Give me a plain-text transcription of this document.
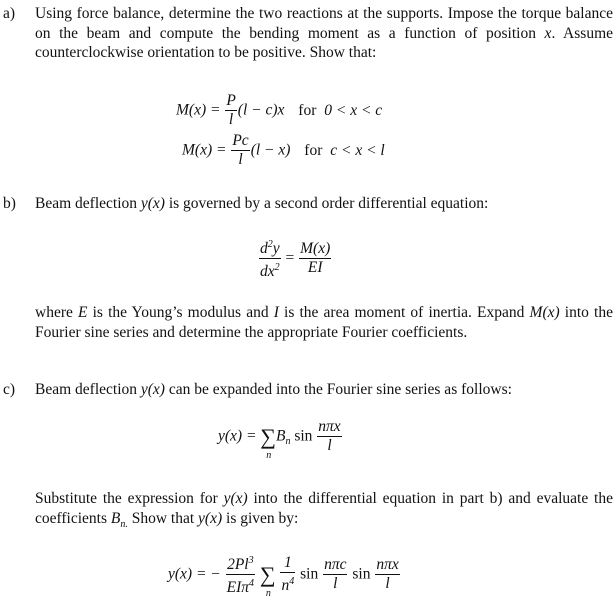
a) Using force balance, determine the two reactions at the supports. Impose the torque balance on the beam and compute the bending moment as a function of position x. Assume counterclockwise orientation to be positive. Show that:
$M(x) = \frac{P}{l} (l - c)x$ for 0 < x < c
$M(x) = \frac{Pc}{l} (l - x)$ for c < x < l
b) Beam deflection y(x) is governed by a second order differential equation:
$\frac{d^2y}{dx^2} = \frac{M(x)}{EI}$
where E is the Young’s modulus and I is the area moment of inertia. Expand M(x) into the Fourier sine series and determine the appropriate Fourier coefficients.
c) Beam deflection y(x) can be expanded into the Fourier sine series as follows:
y(x) = ∑
n
$B_n$ $\sin \frac{\text{nπx}}{l}$
Substitute the expression for y(x) into the differential equation in part b) and evaluate the coefficients $B_{n.}$ Show that y(x) is given by:
y(x) = − $\frac{2Pl^3}{EI\pi^4}$ ∑
n
$\frac{1}{n^4}$ $\sin \frac{\text{nπc}}{l}$ $\sin \frac{\text{nπx}}{l}$
